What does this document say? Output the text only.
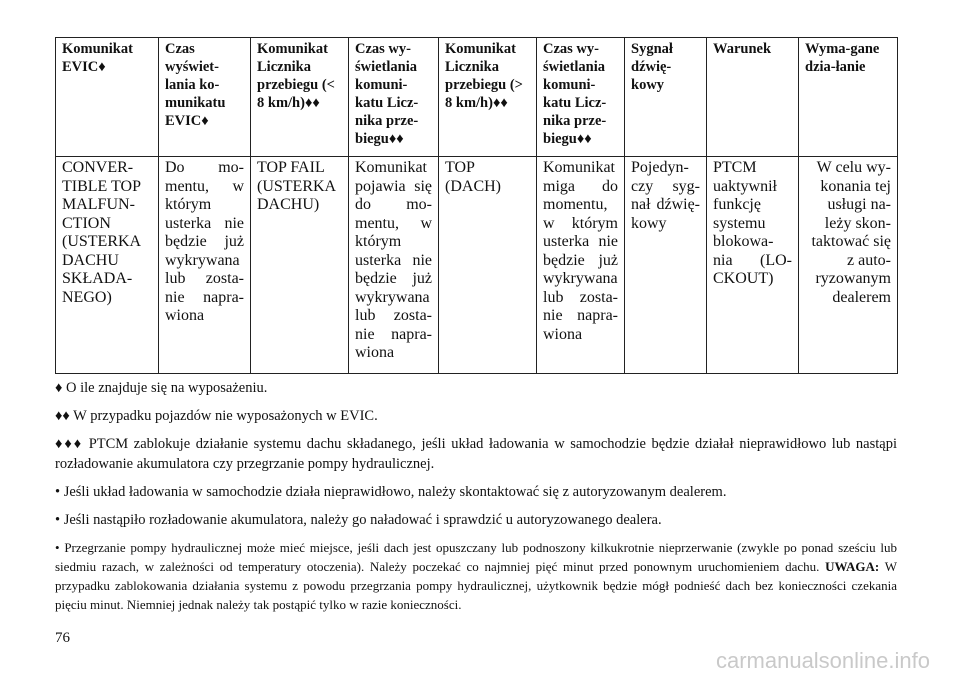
Komunikat EVIC♦	Czas wyświet-lania ko-munikatu EVIC♦	Komunikat Licznika przebiegu (< 8 km/h)♦♦	Czas wy-świetlania komuni-katu Licz-nika prze-biegu♦♦	Komunikat Licznika przebiegu (> 8 km/h)♦♦	Czas wy-świetlania komuni-katu Licz-nika prze-biegu♦♦	Sygnał dźwię-kowy	Warunek	Wyma-gane dzia-łanie
CONVER-TIBLE TOP MALFUN-CTION (USTERKA DACHU SKŁADA-NEGO)	Do mo-mentu, w którym usterka nie będzie już wykrywana lub zosta-nie napra-wiona	TOP FAIL (USTERKA DACHU)	Komunikat pojawia się do mo-mentu, w którym usterka nie będzie już wykrywana lub zosta-nie napra-wiona	TOP (DACH)	Komunikat miga do momentu, w którym usterka nie będzie już wykrywana lub zosta-nie napra-wiona	Pojedyn-czy syg-nał dźwię-kowy	PTCM uaktywnił funkcję systemu blokowa-nia (LO-CKOUT)	W celu wy-konania tej usługi na-leży skon-taktować się z auto-ryzowanym dealerem

♦ O ile znajduje się na wyposażeniu.

♦♦ W przypadku pojazdów nie wyposażonych w EVIC.

♦♦♦ PTCM zablokuje działanie systemu dachu składanego, jeśli układ ładowania w samochodzie będzie działał nieprawidłowo lub nastąpi rozładowanie akumulatora czy przegrzanie pompy hydraulicznej.

• Jeśli układ ładowania w samochodzie działa nieprawidłowo, należy skontaktować się z autoryzowanym dealerem.

• Jeśli nastąpiło rozładowanie akumulatora, należy go naładować i sprawdzić u autoryzowanego dealera.

• Przegrzanie pompy hydraulicznej może mieć miejsce, jeśli dach jest opuszczany lub podnoszony kilkukrotnie nieprzerwanie (zwykle po ponad sześciu lub siedmiu razach, w zależności od temperatury otoczenia). Należy poczekać co najmniej pięć minut przed ponownym uruchomieniem dachu. UWAGA: W przypadku zablokowania działania systemu z powodu przegrzania pompy hydraulicznej, użytkownik będzie mógł podnieść dach bez konieczności czekania pięciu minut. Niemniej jednak należy tak postąpić tylko w razie konieczności.

76
carmanualsonline.info
